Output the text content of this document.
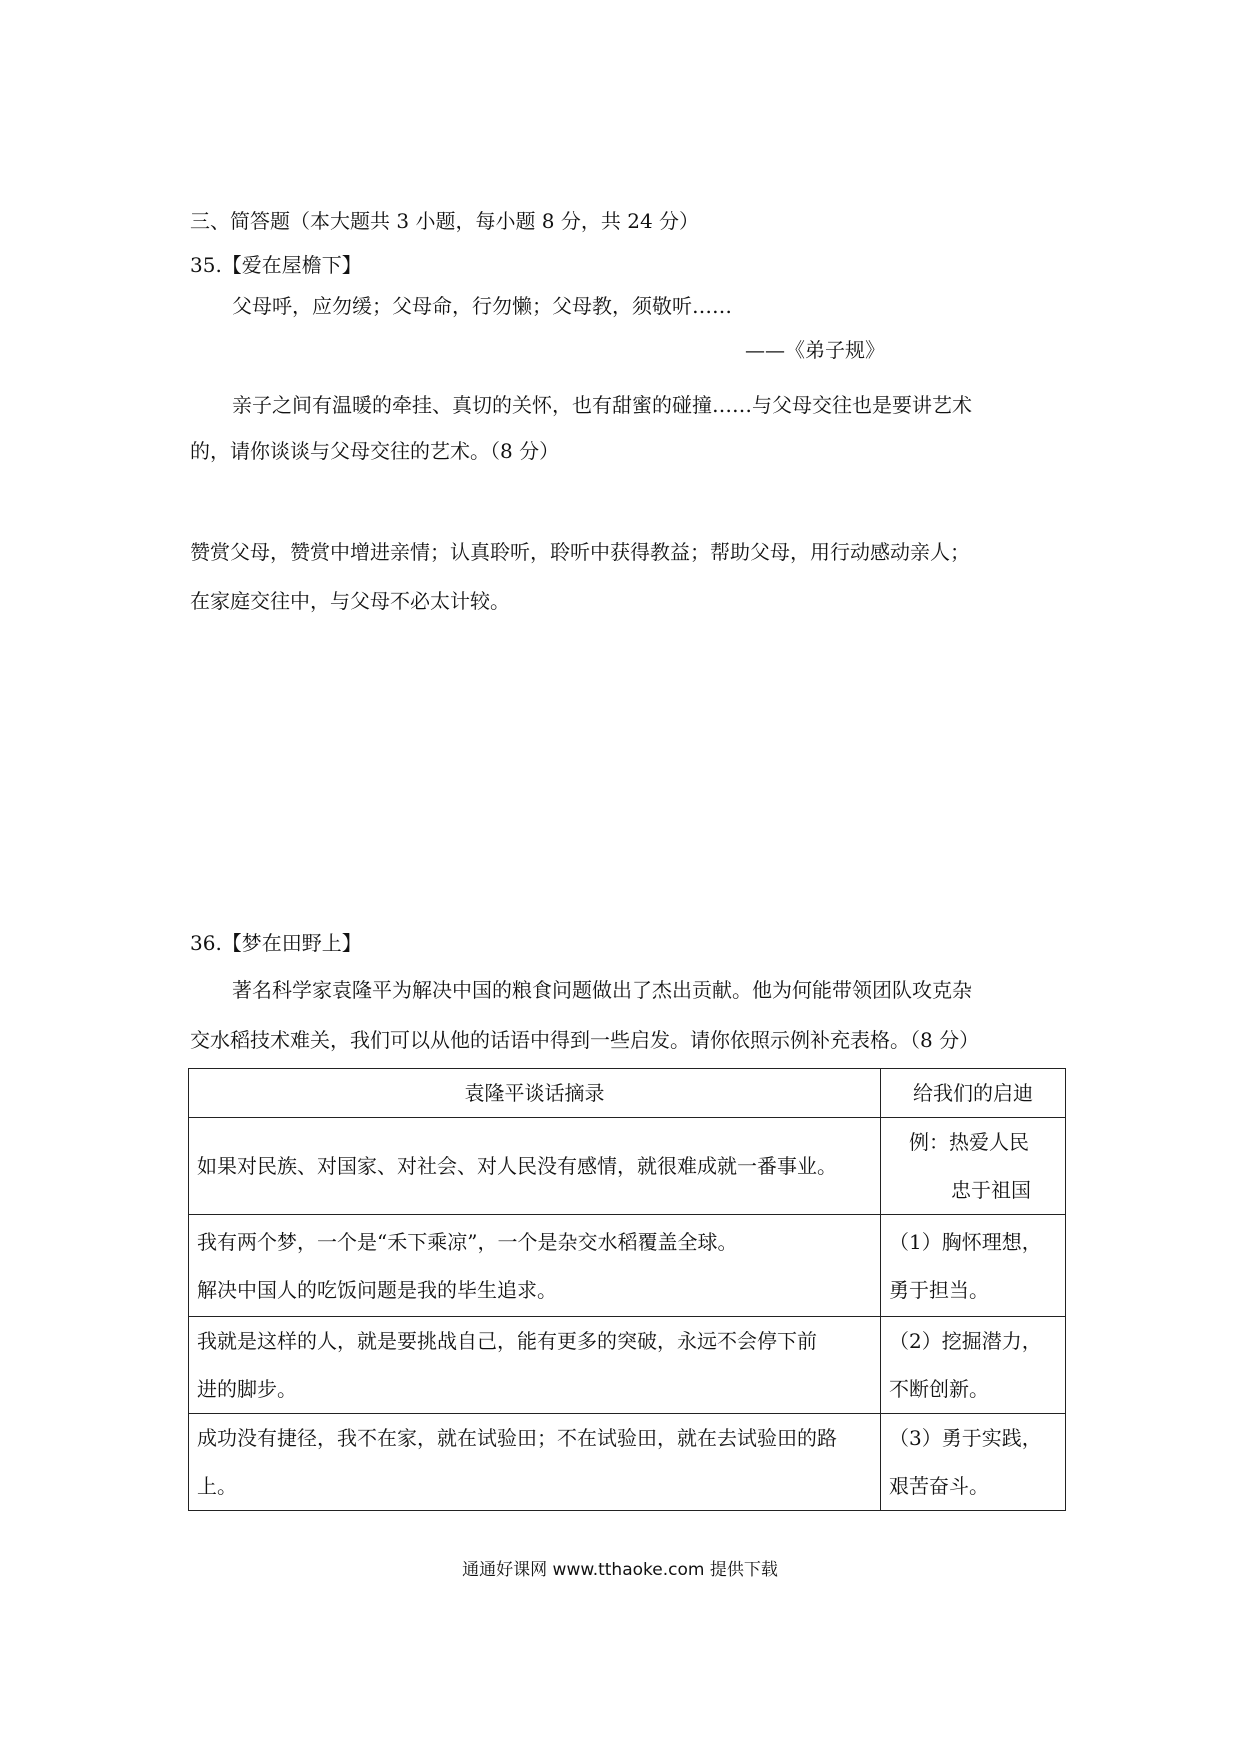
三、简答题（本大题共 3 小题，每小题 8 分，共 24 分）
35.【爱在屋檐下】
父母呼，应勿缓；父母命，行勿懒；父母教，须敬听……
——《弟子规》
亲子之间有温暖的牵挂、真切的关怀，也有甜蜜的碰撞……与父母交往也是要讲艺术
的，请你谈谈与父母交往的艺术。（8 分）
赞赏父母，赞赏中增进亲情；认真聆听，聆听中获得教益；帮助父母，用行动感动亲人；
在家庭交往中，与父母不必太计较。
36.【梦在田野上】
著名科学家袁隆平为解决中国的粮食问题做出了杰出贡献。他为何能带领团队攻克杂
交水稻技术难关，我们可以从他的话语中得到一些启发。请你依照示例补充表格。（8 分）
袁隆平谈话摘录	给我们的启迪

如果对民族、对国家、对社会、对人民没有感情，就很难成就一番事业。	例：热爱人民
忠于祖国

我有两个梦，一个是“禾下乘凉”，一个是杂交水稻覆盖全球。
解决中国人的吃饭问题是我的毕生追求。	（1）胸怀理想，
勇于担当。

我就是这样的人，就是要挑战自己，能有更多的突破，永远不会停下前
进的脚步。	（2）挖掘潜力，
不断创新。

成功没有捷径，我不在家，就在试验田；不在试验田，就在去试验田的路上。	（3）勇于实践，
艰苦奋斗。
通通好课网 www.tthaoke.com 提供下载
